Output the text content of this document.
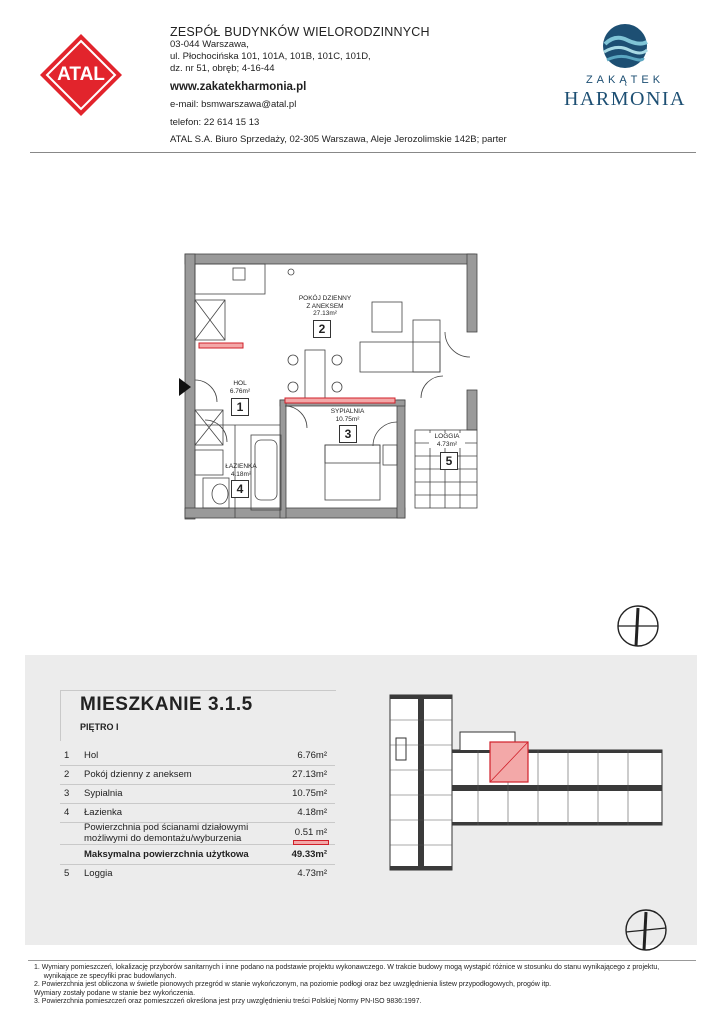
ATAL
ZESPÓŁ BUDYNKÓW WIELORODZINNYCH
03-044 Warszawa,
ul. Płochocińska 101, 101A, 101B, 101C, 101D,
dz. nr 51, obręb; 4-16-44
www.zakatekharmonia.pl
e-mail: bsmwarszawa@atal.pl
telefon: 22 614 15 13
ATAL S.A. Biuro Sprzedaży, 02-305 Warszawa, Aleje Jerozolimskie 142B; parter
ZAKĄTEK
HARMONIA
POKÓJ DZIENNY
Z ANEKSEM
27.13m²
2
HOL
6.76m²
1	SYPIALNIA
10.75m²
3
ŁAZIENKA
4.18m²
4
LOGGIA
4.73m²
5
MIESZKANIE 3.1.5
PIĘTRO I
1 Hol	6.76m²
2 Pokój dzienny z aneksem	27.13m²
3 Sypialnia	10.75m²
4 Łazienka	4.18m²
Powierzchnia pod ścianami działowymi
możliwymi do demontażu/wyburzenia
0.51 m²
Maksymalna powierzchnia użytkowa	49.33m²
5 Loggia	4.73m²
1. Wymiary pomieszczeń, lokalizację przyborów sanitarnych i inne podano na podstawie projektu wykonawczego. W trakcie budowy mogą wystąpić różnice w stosunku do stanu wynikającego z projektu,
wynikające ze specyfiki prac budowlanych.
2. Powierzchnia jest obliczona w świetle pionowych przegród w stanie wykończonym, na poziomie podłogi oraz bez uwzględnienia listew przypodłogowych, progów itp.
Wymiary zostały podane w stanie bez wykończenia.
3. Powierzchnia pomieszczeń oraz pomieszczeń określona jest przy uwzględnieniu treści Polskiej Normy PN-ISO 9836:1997.
